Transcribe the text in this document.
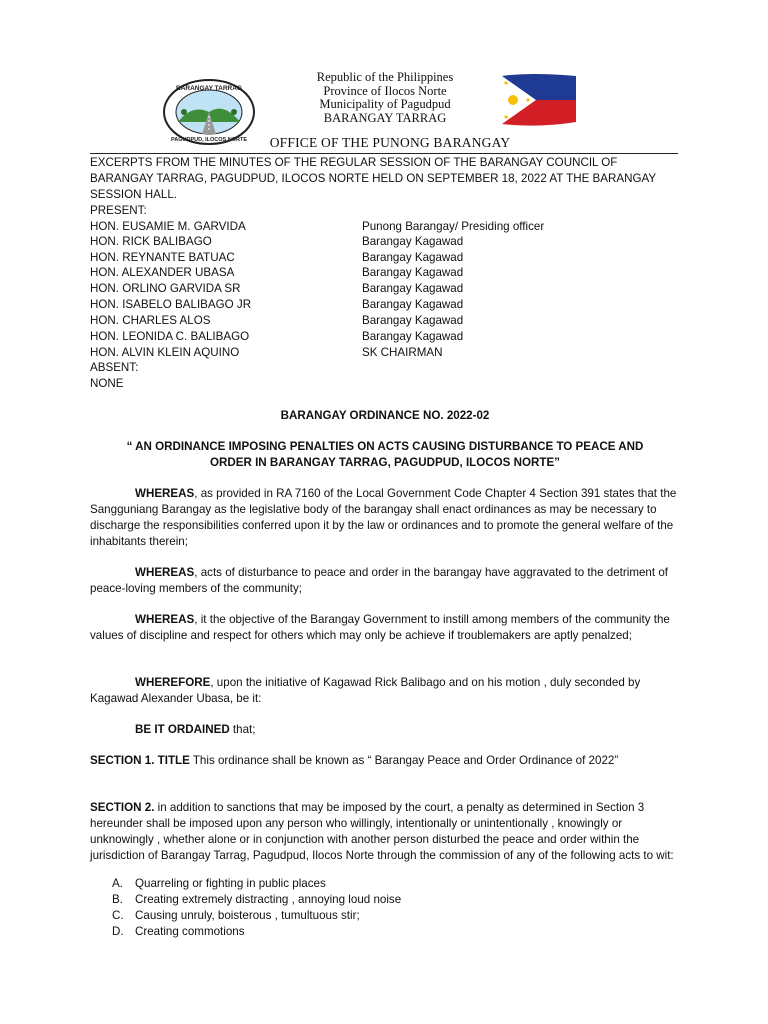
BARANGAY TARRAG
PAGUDPUD, ILOCOS NORTE
Republic of the Philippines
Province of Ilocos Norte
Municipality of Pagudpud
BARANGAY TARRAG
OFFICE OF THE PUNONG BARANGAY
EXCERPTS FROM THE MINUTES OF THE REGULAR SESSION OF THE BARANGAY COUNCIL OF BARANGAY TARRAG, PAGUDPUD, ILOCOS NORTE HELD ON SEPTEMBER 18, 2022 AT THE BARANGAY SESSION HALL.
PRESENT:
HON. EUSAMIE M. GARVIDA	Punong Barangay/ Presiding officer
HON. RICK BALIBAGO	Barangay Kagawad
HON. REYNANTE BATUAC	Barangay Kagawad
HON. ALEXANDER UBASA	Barangay Kagawad
HON. ORLINO GARVIDA SR	Barangay Kagawad
HON. ISABELO BALIBAGO JR	Barangay Kagawad
HON. CHARLES ALOS	Barangay Kagawad
HON. LEONIDA C. BALIBAGO	Barangay Kagawad
HON. ALVIN KLEIN AQUINO	SK CHAIRMAN
ABSENT:
NONE
BARANGAY ORDINANCE NO. 2022-02
“ AN ORDINANCE IMPOSING PENALTIES ON ACTS CAUSING DISTURBANCE TO PEACE AND
ORDER IN BARANGAY TARRAG, PAGUDPUD, ILOCOS NORTE”
WHEREAS, as provided in RA 7160 of the Local Government Code Chapter 4 Section 391 states that the Sangguniang Barangay as the legislative body of the barangay shall enact ordinances as may be necessary to discharge the responsibilities conferred upon it by the law or ordinances and to promote the general welfare of the inhabitants therein;
WHEREAS, acts of disturbance to peace and order in the barangay have aggravated to the detriment of peace-loving members of the community;
WHEREAS, it the objective of the Barangay Government to instill among members of the community the values of discipline and respect for others which may only be achieve if troublemakers are aptly penalzed;
WHEREFORE, upon the initiative of Kagawad Rick Balibago and on his motion , duly seconded by Kagawad Alexander Ubasa, be it:
BE IT ORDAINED that;
SECTION 1. TITLE This ordinance shall be known as “ Barangay Peace and Order Ordinance of 2022”
SECTION 2. in addition to sanctions that may be imposed by the court, a penalty as determined in Section 3 hereunder shall be imposed upon any person who willingly, intentionally or unintentionally , knowingly or unknowingly , whether alone or in conjunction with another person disturbed the peace and order within the jurisdiction of Barangay Tarrag, Pagudpud, Ilocos Norte through the commission of any of the following acts to wit:
A. Quarreling or fighting in public places
B. Creating extremely distracting , annoying loud noise
C. Causing unruly, boisterous , tumultuous stir;
D. Creating commotions
